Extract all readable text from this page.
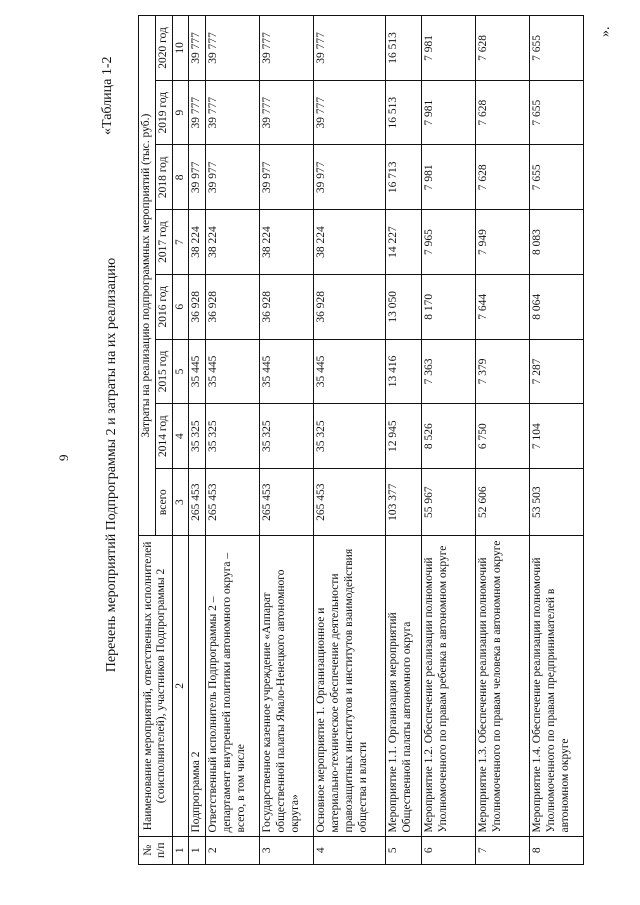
9
«Таблица 1-2
Перечень мероприятий Подпрограммы 2 и затраты на их реализацию
№ п/п	Наименование мероприятий, ответственных исполнителей (соисполнителей), участников Подпрограммы 2	Затраты на реализацию подпрограммных мероприятий (тыс. руб.)							
		всего	2014 год	2015 год	2016 год	2017 год	2018 год	2019 год	2020 год
1	2	3	4	5	6	7	8	9	10
1	Подпрограмма 2	265 453	35 325	35 445	36 928	38 224	39 977	39 777	39 777
2	Ответственный исполнитель Подпрограммы 2 – департамент внутренней политики автономного округа – всего, в том числе	265 453	35 325	35 445	36 928	38 224	39 977	39 777	39 777
3	Государственное казенное учреждение «Аппарат общественной палаты Ямало-Ненецкого автономного округа»	265 453	35 325	35 445	36 928	38 224	39 977	39 777	39 777
4	Основное мероприятие 1. Организационное и материально-техническое обеспечение деятельности правозащитных институтов и институтов взаимодействия общества и власти	265 453	35 325	35 445	36 928	38 224	39 977	39 777	39 777
5	Мероприятие 1.1. Организация мероприятий Общественной палаты автономного округа	103 377	12 945	13 416	13 050	14 227	16 713	16 513	16 513
6	Мероприятие 1.2. Обеспечение реализации полномочий Уполномоченного по правам ребенка в автономном округе	55 967	8 526	7 363	8 170	7 965	7 981	7 981	7 981
7	Мероприятие 1.3. Обеспечение реализации полномочий Уполномоченного по правам человека в автономном округе	52 606	6 750	7 379	7 644	7 949	7 628	7 628	7 628
8	Мероприятие 1.4. Обеспечение реализации полномочий Уполномоченного по правам предпринимателей в автономном округе	53 503	7 104	7 287	8 064	8 083	7 655	7 655	7 655
».
